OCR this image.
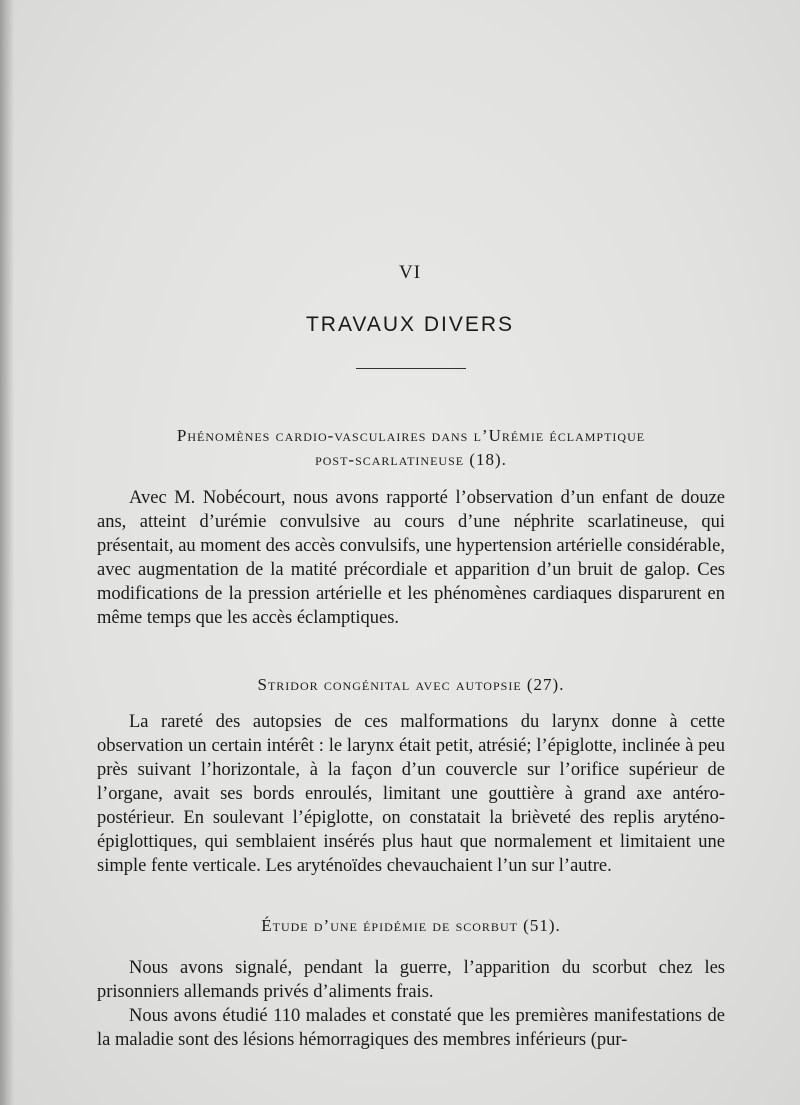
VI
TRAVAUX DIVERS

Phénomènes cardio-vasculaires dans l’Urémie éclamptique

post-scarlatineuse (18).

Avec M. Nobécourt, nous avons rapporté l’observation d’un enfant de douze ans, atteint d’urémie convulsive au cours d’une néphrite scarlatineuse, qui présentait, au moment des accès convulsifs, une hypertension artérielle considérable, avec augmentation de la matité précordiale et apparition d’un bruit de galop. Ces modifications de la pression artérielle et les phénomènes cardiaques disparurent en même temps que les accès éclamptiques.

Stridor congénital avec autopsie (27).

La rareté des autopsies de ces malformations du larynx donne à cette observation un certain intérêt : le larynx était petit, atrésié; l’épiglotte, inclinée à peu près suivant l’horizontale, à la façon d’un couvercle sur l’orifice supérieur de l’organe, avait ses bords enroulés, limitant une gouttière à grand axe antéro-postérieur. En soulevant l’épiglotte, on constatait la brièveté des replis aryténo-épiglottiques, qui semblaient insérés plus haut que normalement et limitaient une simple fente verticale. Les aryténoïdes chevauchaient l’un sur l’autre.

Étude d’une épidémie de scorbut (51).

Nous avons signalé, pendant la guerre, l’apparition du scorbut chez les prisonniers allemands privés d’aliments frais.

Nous avons étudié 110 malades et constaté que les premières manifestations de la maladie sont des lésions hémorragiques des membres inférieurs (pur-
